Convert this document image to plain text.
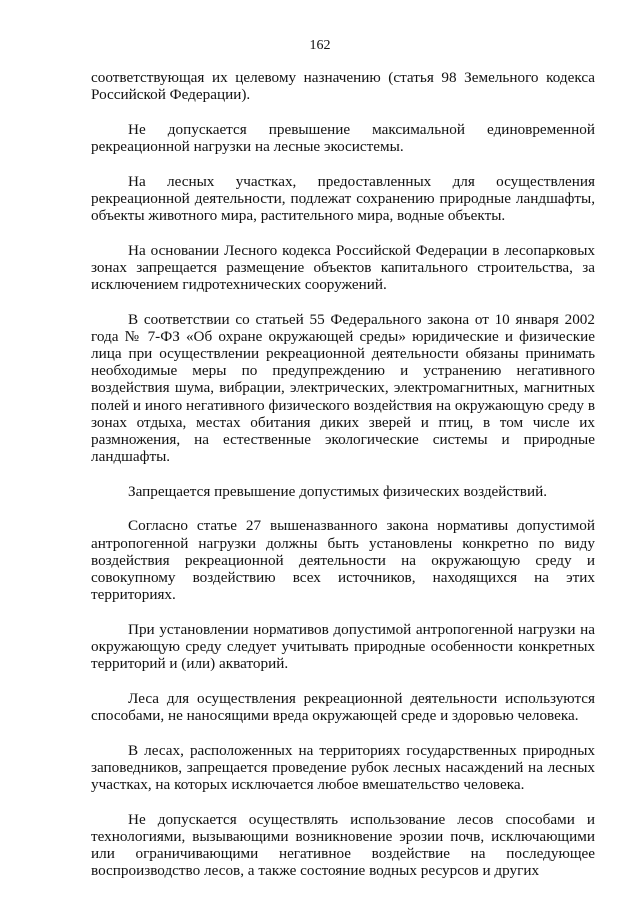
162

соответствующая их целевому назначению (статья 98 Земельного кодекса Российской Федерации).

Не допускается превышение максимальной единовременной рекреационной нагрузки на лесные экосистемы.

На лесных участках, предоставленных для осуществления рекреационной деятельности, подлежат сохранению природные ландшафты, объекты животного мира, растительного мира, водные объекты.

На основании Лесного кодекса Российской Федерации в лесопарковых зонах запрещается размещение объектов капитального строительства, за исключением гидротехнических сооружений.

В соответствии со статьей 55 Федерального закона от 10 января 2002 года № 7-ФЗ «Об охране окружающей среды» юридические и физические лица при осуществлении рекреационной деятельности обязаны принимать необходимые меры по предупреждению и устранению негативного воздействия шума, вибрации, электрических, электромагнитных, магнитных полей и иного негативного физического воздействия на окружающую среду в зонах отдыха, местах обитания диких зверей и птиц, в том числе их размножения, на естественные экологические системы и природные ландшафты.

Запрещается превышение допустимых физических воздействий.

Согласно статье 27 вышеназванного закона нормативы допустимой антропогенной нагрузки должны быть установлены конкретно по виду воздействия рекреационной деятельности на окружающую среду и совокупному воздействию всех источников, находящихся на этих территориях.

При установлении нормативов допустимой антропогенной нагрузки на окружающую среду следует учитывать природные особенности конкретных территорий и (или) акваторий.

Леса для осуществления рекреационной деятельности используются способами, не наносящими вреда окружающей среде и здоровью человека.

В лесах, расположенных на территориях государственных природных заповедников, запрещается проведение рубок лесных насаждений на лесных участках, на которых исключается любое вмешательство человека.

Не допускается осуществлять использование лесов способами и технологиями, вызывающими возникновение эрозии почв, исключающими или ограничивающими негативное воздействие на последующее воспроизводство лесов, а также состояние водных ресурсов и других
